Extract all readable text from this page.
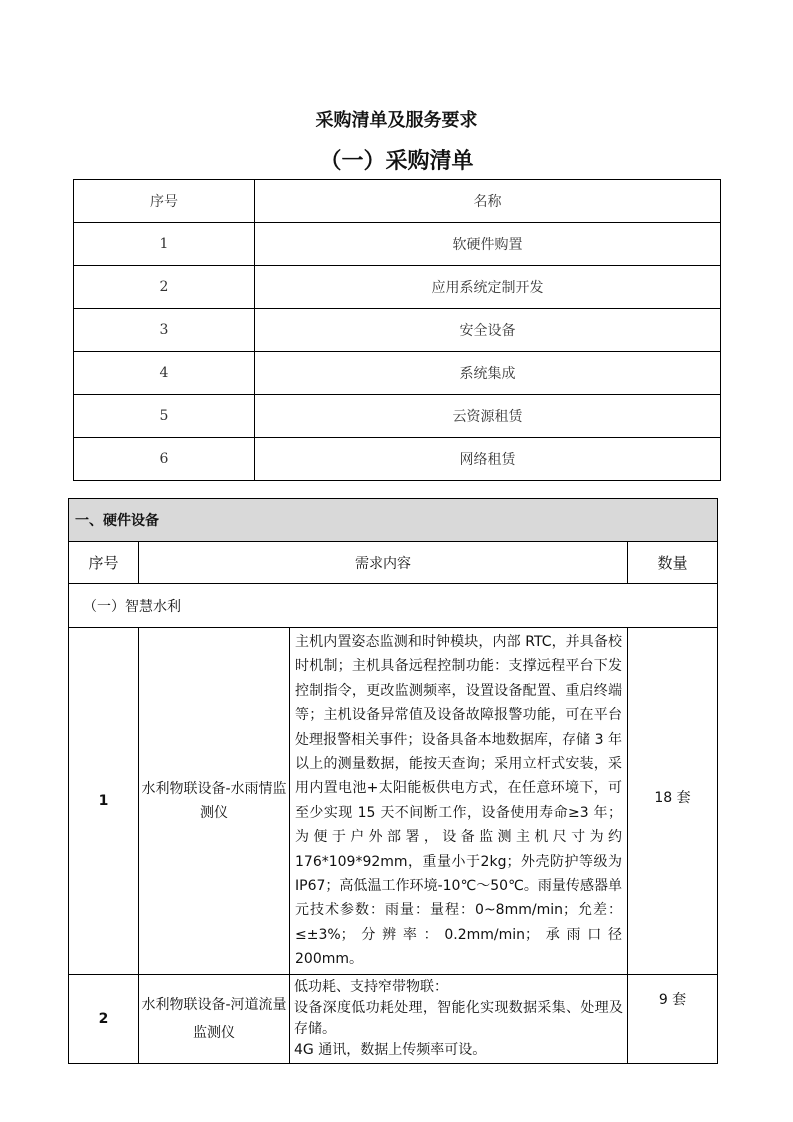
采购清单及服务要求
（一）采购清单
序号	名称
1	软硬件购置
2	应用系统定制开发
3	安全设备
4	系统集成
5	云资源租赁
6	网络租赁
一、硬件设备			
序号	需求内容		数量
（一）智慧水利			
1	水利物联设备-水雨情监测仪	主机内置姿态监测和时钟模块，内部 RTC，并具备校时机制；主机具备远程控制功能：支撑远程平台下发控制指令，更改监测频率，设置设备配置、重启终端等；主机设备异常值及设备故障报警功能，可在平台处理报警相关事件；设备具备本地数据库，存储 3 年以上的测量数据，能按天查询；采用立杆式安装，采用内置电池+太阳能板供电方式，在任意环境下，可至少实现 15 天不间断工作，设备使用寿命≥3 年；为便于户外部署，设备监测主机尺寸为约 176*109*92mm，重量小于2kg；外壳防护等级为 IP67；高低温工作环境-10℃～50℃。雨量传感器单元技术参数：雨量：量程：0~8mm/min；允差：≤±3%；分辨率：0.2mm/min；承雨口径 200mm。	18 套
2	水利物联设备-河道流量监测仪	低功耗、支持窄带物联：
设备深度低功耗处理，智能化实现数据采集、处理及存储。
4G 通讯，数据上传频率可设。	9 套
